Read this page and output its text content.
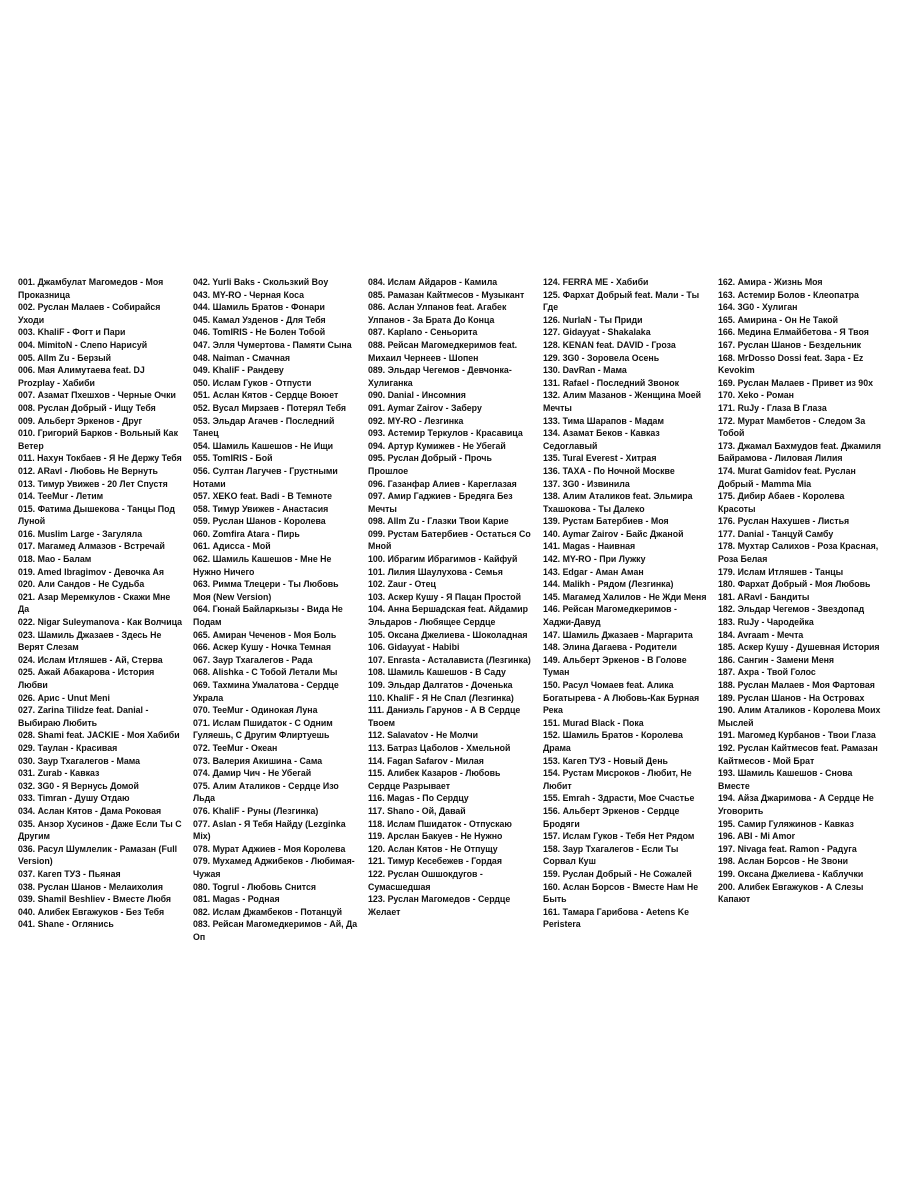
001. Джамбулат Магомедов - Моя Проказница
002. Руслан Малаев - Собирайся Уходи
003. KhaliF - Фогт и Пари
004. MimitoN - Слепо Нарисуй
005. Allm Zu - Берзый
006. Мая Алимутаева feat. DJ Prozplay - Хабиби
007. Азамат Пхешхов - Черные Очки
008. Руслан Добрый - Ищу Тебя
009. Альберт Эркенов - Друг
010. Григорий Барков - Вольный Как Ветер
011. Нахун Токбаев - Я Не Держу Тебя
012. ARavl - Любовь Не Вернуть
013. Тимур Увижев - 20 Лет Спустя
014. TeeMur - Летим
015. Фатима Дышекова - Танцы Под Луной
016. Muslim Large - Загуляла
017. Магамед Алмазов - Встречай
018. Мао - Балам
019. Amed Ibragimov - Девочка Ая
020. Али Сандов - Не Судьба
021. Азар Меремкулов - Скажи Мне Да
022. Nigar Suleymanova - Как Волчица
023. Шамиль Джазаев - Здесь Не Верят Слезам
024. Ислам Итляшев - Ай, Стерва
025. Ажай Абакарова - История Любви
026. Арис - Unut Meni
027. Zarina Tilidze feat. Danial - Выбираю Любить
028. Shami feat. JACKIE - Моя Хабиби
029. Таулан - Красивая
030. Заур Тхагалегов - Мама
031. Zurab - Кавказ
032. 3G0 - Я Вернусь Домой
033. Timran - Душу Отдаю
034. Аслан Кятов - Дама Роковая
035. Анзор Хусинов - Даже Если Ты С Другим
036. Расул Шумлелик - Рамазан (Full Version)
037. Кагеп ТУЗ - Пьяная
038. Руслан Шанов - Мелаихолия
039. Shamil Beshliev - Вместе Любя
040. Алибек Евгажуков - Без Тебя
041. Shane - Оглянись
042. Yurli Baks - Скользкий Boy
043. MY-RO - Черная Коса
044. Шамиль Братов - Фонари
045. Камал Узденов - Для Тебя
046. TomIRIS - Не Болен Тобой
047. Элля Чумертова - Памяти Сына
048. Naiman - Смачная
049. KhaliF - Рандеву
050. Ислам Гуков - Отпусти
051. Аслан Кятов - Сердце Воюет
052. Вусал Мирзаев - Потерял Тебя
053. Эльдар Агачев - Последний Танец
054. Шамиль Кашешов - Не Ищи
055. TomIRIS - Бой
056. Султан Лагучев - Грустными Нотами
057. XEKO feat. Badi - В Темноте
058. Тимур Увижев - Анастасия
059. Руслан Шанов - Королева
060. Zomfira Atara - Пирь
061. Адисса - Мой
062. Шамиль Кашешов - Мне Не Нужно Ничего
063. Римма Тлецери - Ты Любовь Моя (New Version)
064. Гюнай Байларкызы - Вида Не Подам
065. Амиран Чеченов - Моя Боль
066. Аскер Кушу - Ночка Темная
067. Заур Тхагалегов - Рада
068. Alishka - С Тобой Летали Мы
069. Тахмина Умалатова - Сердце Украла
070. TeeMur - Одинокая Луна
071. Ислам Пшидаток - С Одним Гуляешь, С Другим Флиртуешь
072. TeeMur - Океан
073. Валерия Акишина - Сама
074. Дамир Чич - Не Убегай
075. Алим Аталиков - Сердце Изо Льда
076. KhaliF - Руны (Лезгинка)
077. Aslan - Я Тебя Найду (Lezginka Mix)
078. Мурат Аджиев - Моя Королева
079. Мухамед Аджибеков - Любимая-Чужая
080. Togrul - Любовь Снится
081. Magas - Родная
082. Ислам Джамбеков - Потанцуй
083. Рейсан Магомедкеримов - Ай, Да Оп
084. Ислам Айдаров - Камила
085. Рамазан Кайтмесов - Музыкант
086. Аслан Улпанов feat. Агабек Улпанов - За Брата До Конца
087. Kaplano - Сеньорита
088. Рейсан Магомедкеримов feat. Михаил Чернеев - Шопен
089. Эльдар Чегемов - Девчонка-Хулиганка
090. Danial - Инсомния
091. Aymar Zairov - Заберу
092. MY-RO - Лезгинка
093. Астемир Теркулов - Красавица
094. Артур Кумижев - Не Убегай
095. Руслан Добрый - Прочь Прошлое
096. Газанфар Алиев - Кареглазая
097. Амир Гаджиев - Бредяга Без Мечты
098. Allm Zu - Глазки Твои Карие
099. Рустам Батербиев - Остаться Со Мной
100. Ибрагим Ибрагимов - Кайфуй
101. Лилия Шаулухова - Семья
102. Zaur - Отец
103. Аскер Кушу - Я Пацан Простой
104. Анна Бершадская feat. Айдамир Эльдаров - Любящее Сердце
105. Оксана Джелиева - Шоколадная
106. Gidayyat - Habibi
107. Enrasta - Асталависта (Лезгинка)
108. Шамиль Кашешов - В Саду
109. Эльдар Далгатов - Доченька
110. KhaliF - Я Не Спал (Лезгинка)
111. Даниэль Гарунов - А В Сердце Твоем
112. Salavatov - Не Молчи
113. Батраз Цаболов - Хмельной
114. Fagan Safarov - Милая
115. Алибек Казаров - Любовь Сердце Разрывает
116. Magas - По Сердцу
117. Shano - Ой, Давай
118. Ислам Пшидаток - Отпускаю
119. Арслан Бакуев - Не Нужно
120. Аслан Кятов - Не Отпущу
121. Тимур Кесебежев - Гордая
122. Руслан Ошшокдугов - Сумасшедшая
123. Руслан Магомедов - Сердце Желает
124. FERRA ME - Хабиби
125. Фархат Добрый feat. Мали - Ты Где
126. NurlaN - Ты Приди
127. Gidayyat - Shakalaka
128. KENAN feat. DAVID - Гроза
129. 3G0 - Зоровела Осень
130. DavRan - Мама
131. Rafael - Последний Звонок
132. Алим Мазанов - Женщина Моей Мечты
133. Тима Шарапов - Мадам
134. Азамат Беков - Кавказ Седоглавый
135. Tural Everest - Хитрая
136. TAXA - По Ночной Москве
137. 3G0 - Извинила
138. Алим Аталиков feat. Эльмира Тхашокова - Ты Далеко
139. Рустам Батербиев - Моя
140. Aymar Zairov - Байс Джаной
141. Magas - Наивная
142. MY-RO - При Лужку
143. Edgar - Аман Аман
144. Malikh - Рядом (Лезгинка)
145. Магамед Халилов - Не Жди Меня
146. Рейсан Магомедкеримов - Хаджи-Давуд
147. Шамиль Джазаев - Маргарита
148. Элина Дагаева - Родители
149. Альберт Эркенов - В Голове Туман
150. Расул Чомаев feat. Алика Богатырева - А Любовь-Как Бурная Река
151. Murad Black - Пока
152. Шамиль Братов - Королева Драма
153. Кагеп ТУЗ - Новый День
154. Рустам Мисроков - Любит, Не Любит
155. Emrah - Здрасти, Мое Счастье
156. Альберт Эркенов - Сердце Бродяги
157. Ислам Гуков - Тебя Нет Рядом
158. Заур Тхагалегов - Если Ты Сорвал Куш
159. Руслан Добрый - Не Сожалей
160. Аслан Борсов - Вместе Нам Не Быть
161. Тамара Гарибова - Aetens Ke Peristera
162. Амира - Жизнь Моя
163. Астемир Болов - Клеопатра
164. 3G0 - Хулиган
165. Амирина - Он Не Такой
166. Медина Елмайбетова - Я Твоя
167. Руслан Шанов - Бездельник
168. MrDosso Dossi feat. Зара - Ez Kevokim
169. Руслан Малаев - Привет из 90х
170. Xeko - Роман
171. RuJy - Глаза В Глаза
172. Мурат Мамбетов - Следом За Тобой
173. Джамал Бахмудов feat. Джамиля Байрамова - Лиловая Лилия
174. Murat Gamidov feat. Руслан Добрый - Mamma Mia
175. Дибир Абаев - Королева Красоты
176. Руслан Нахушев - Листья
177. Danial - Танцуй Самбу
178. Мухтар Салихов - Роза Красная, Роза Белая
179. Ислам Итляшев - Танцы
180. Фархат Добрый - Моя Любовь
181. ARavl - Бандиты
182. Эльдар Чегемов - Звездопад
183. RuJy - Чародейка
184. Avraam - Мечта
185. Аскер Кушу - Душевная История
186. Сангин - Замени Меня
187. Ахра - Твой Голос
188. Руслан Малаев - Моя Фартовая
189. Руслан Шанов - На Островах
190. Алим Аталиков - Королева Моих Мыслей
191. Магомед Курбанов - Твои Глаза
192. Руслан Кайтмесов feat. Рамазан Кайтмесов - Мой Брат
193. Шамиль Кашешов - Снова Вместе
194. Айза Джаримова - А Сердце Не Уговорить
195. Самир Гуляжинов - Кавказ
196. ABI - Mi Amor
197. Nivaga feat. Ramon - Радуга
198. Аслан Борсов - Не Звони
199. Оксана Джелиева - Каблучки
200. Алибек Евгажуков - А Слезы Капают
